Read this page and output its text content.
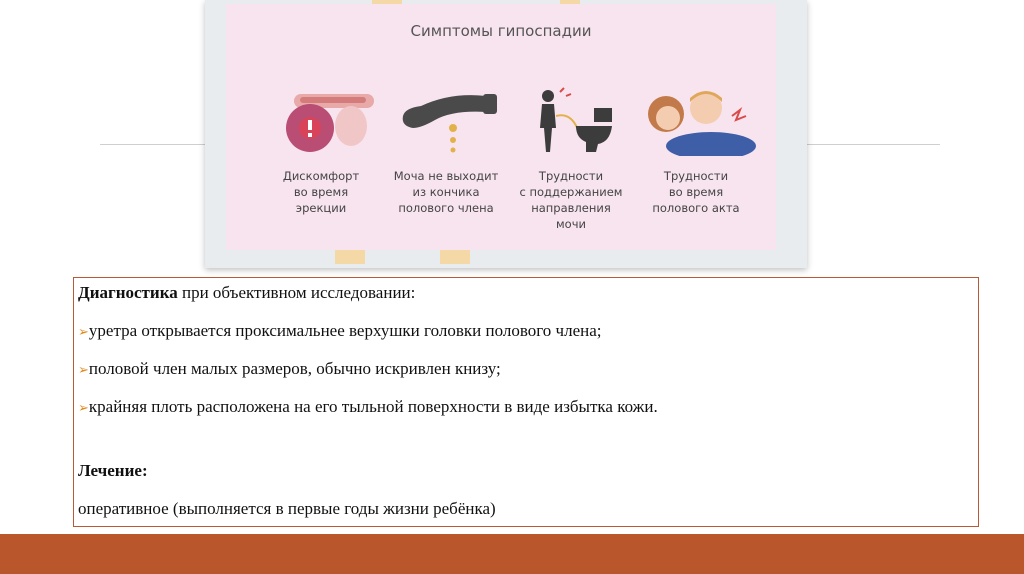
Симптомы гипоспадии
Дискомфорт
во время
эрекции
Моча не выходит
из кончика
полового члена
Трудности
с поддержанием
направления
мочи
Трудности
во время
полового акта
Диагностика при объективном исследовании:
➢уретра открывается проксимальнее верхушки головки полового члена;
➢половой член малых размеров, обычно искривлен книзу;
➢крайняя плоть расположена на его тыльной поверхности в виде избытка кожи.
Лечение:
оперативное (выполняется в первые годы жизни ребёнка)
